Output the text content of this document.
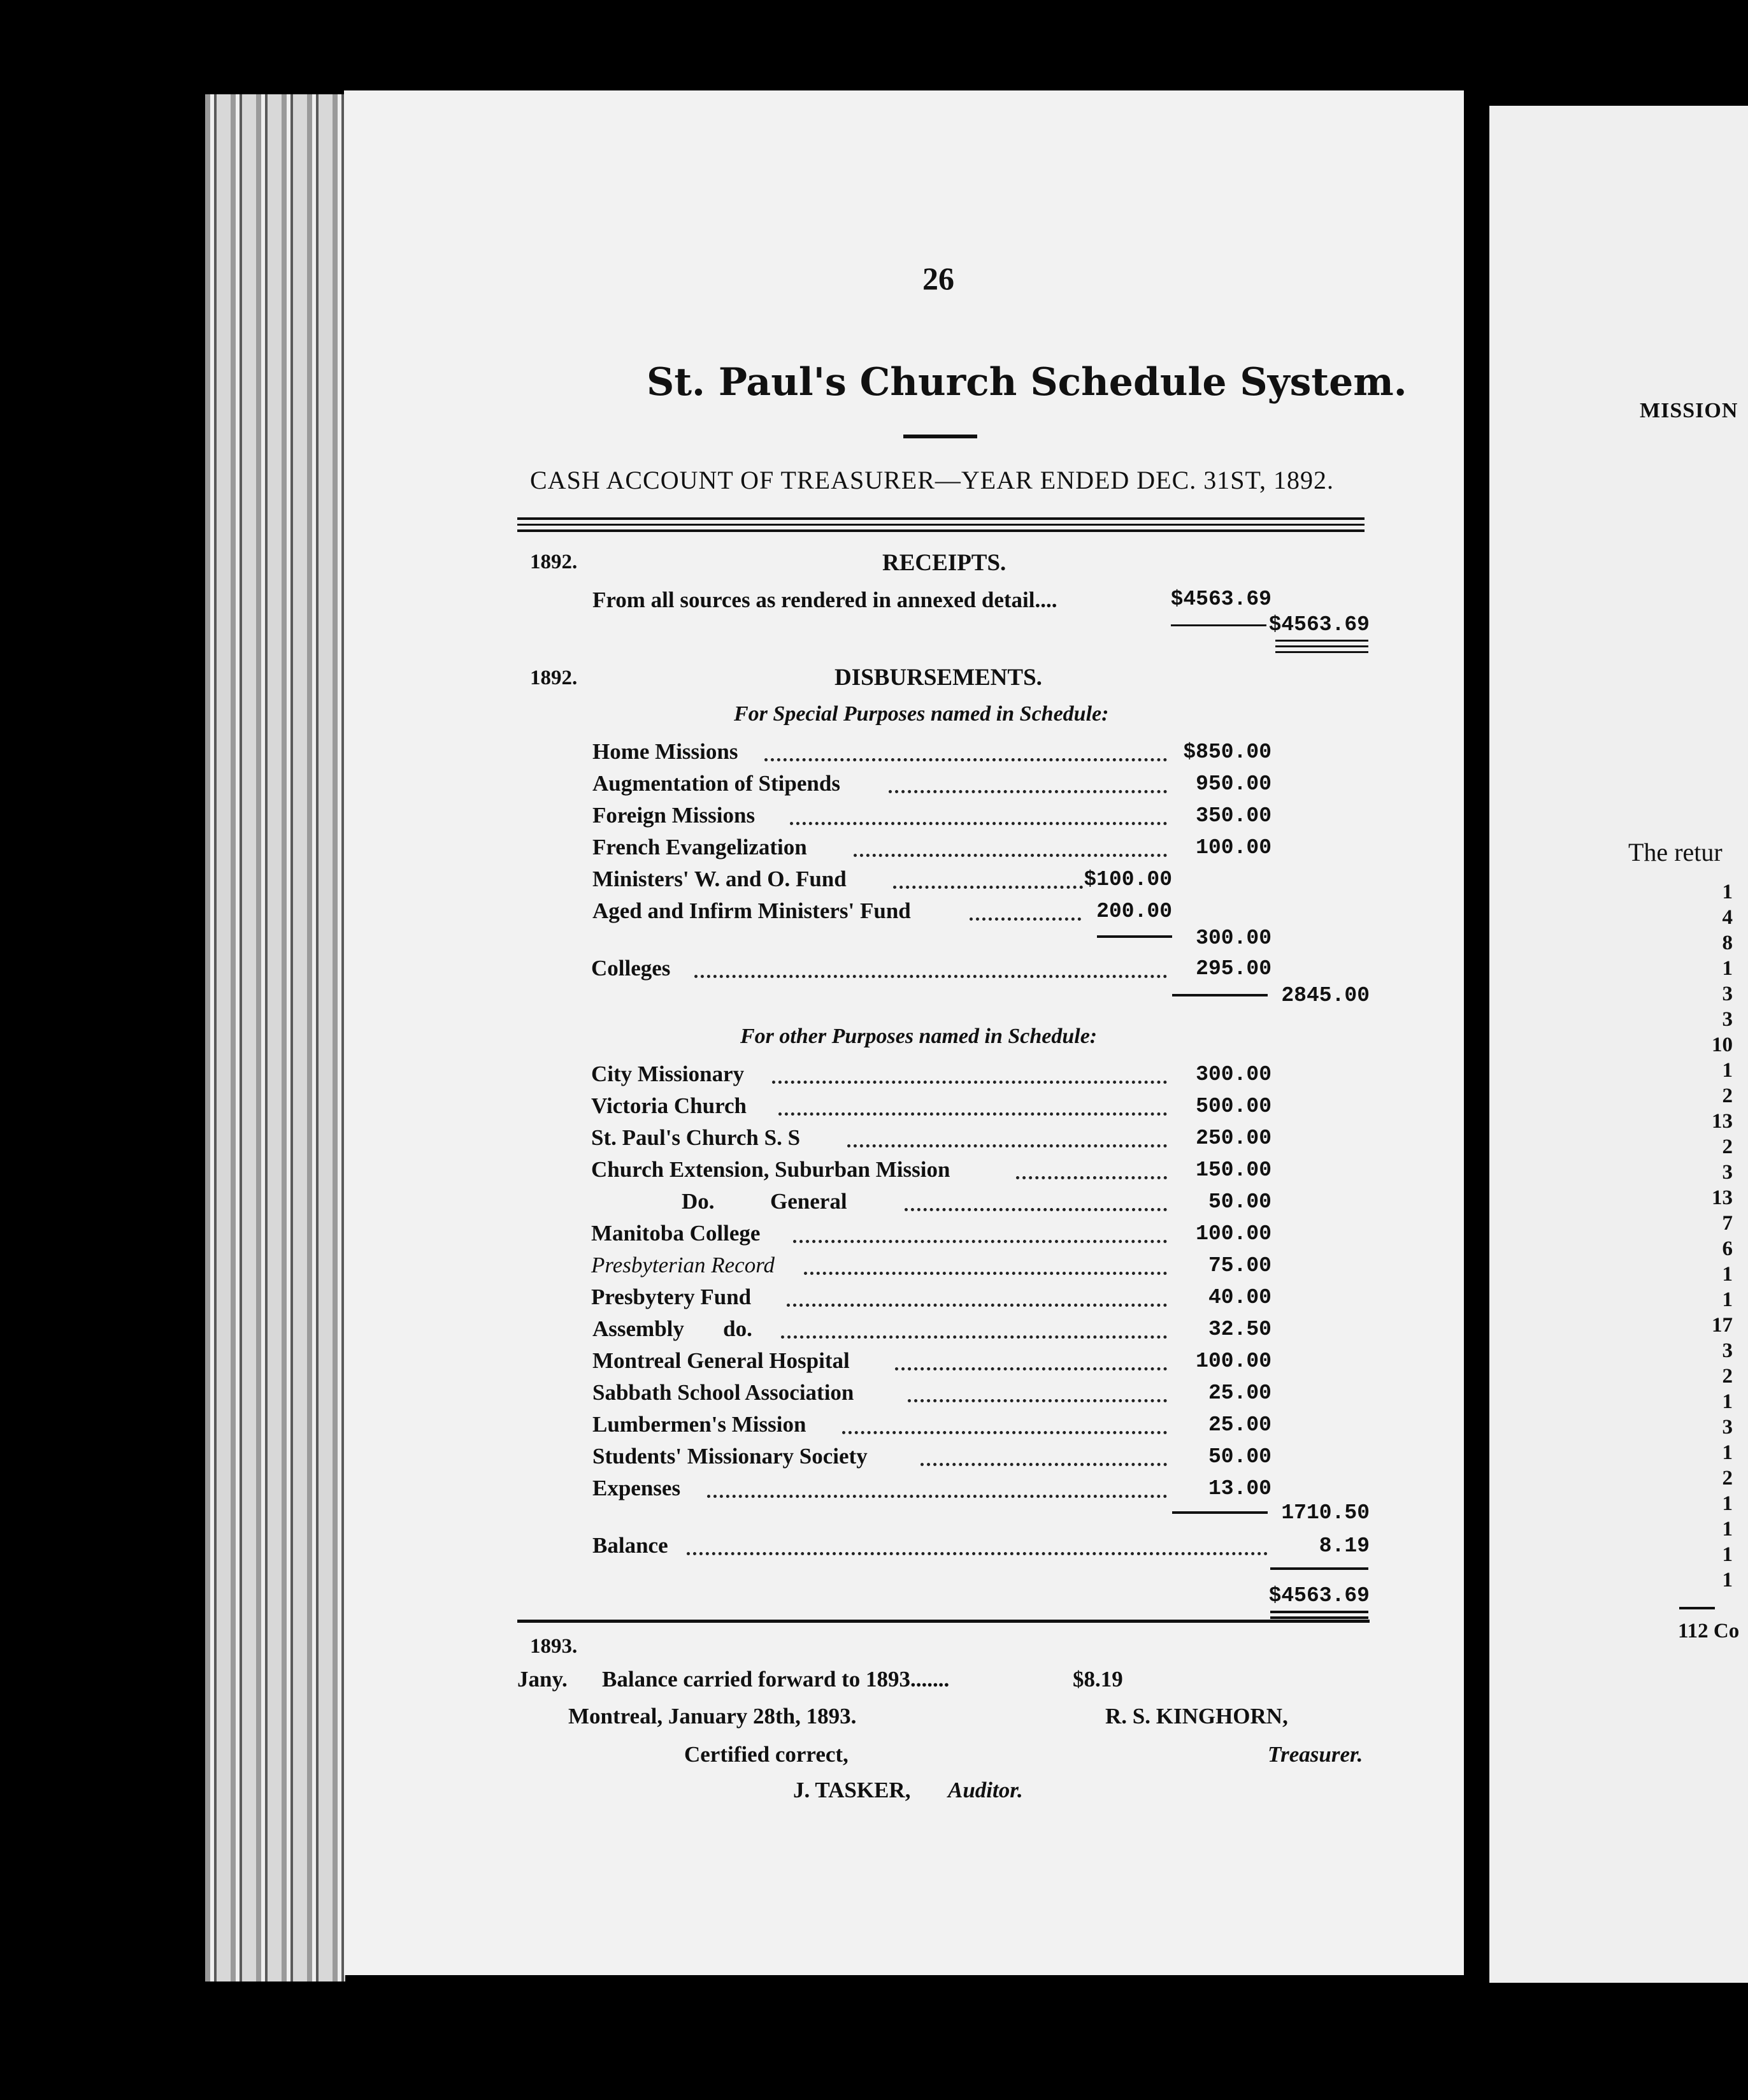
26
St. Paul's Church Schedule System.
CASH ACCOUNT OF TREASURER—YEAR ENDED DEC. 31ST, 1892.
1892.	RECEIPTS.
From all sources as rendered in annexed detail....	$4563.69
$4563.69
1892.	DISBURSEMENTS.
For Special Purposes named in Schedule:
Home Missions	$850.00
Augmentation of Stipends	950.00
Foreign Missions	350.00
French Evangelization	100.00
Ministers' W. and O. Fund	$100.00
Aged and Infirm Ministers' Fund	200.00
300.00
Colleges	295.00
2845.00
For other Purposes named in Schedule:
City Missionary	300.00
Victoria Church	500.00
St. Paul's Church S. S	250.00
Church Extension, Suburban Mission	150.00
Do.          General	50.00
Manitoba College	100.00
Presbyterian Record	75.00
Presbytery Fund	40.00
Assembly       do.	32.50
Montreal General Hospital	100.00
Sabbath School Association	25.00
Lumbermen's Mission	25.00
Students' Missionary Society	50.00
Expenses	13.00
1710.50
Balance	8.19
$4563.69
1893.
Jany. Balance carried forward to 1893.......	$8.19
Montreal, January 28th, 1893.	R. S. KINGHORN,
Certified correct,	Treasurer.
J. TASKER, Auditor.
MISSION
The retur
1
4
8
1
3
3
10
1
2
13
2
3
13
7
6
1
1
17
3
2
1
3
1
2
1
1
1
1
112 Co
